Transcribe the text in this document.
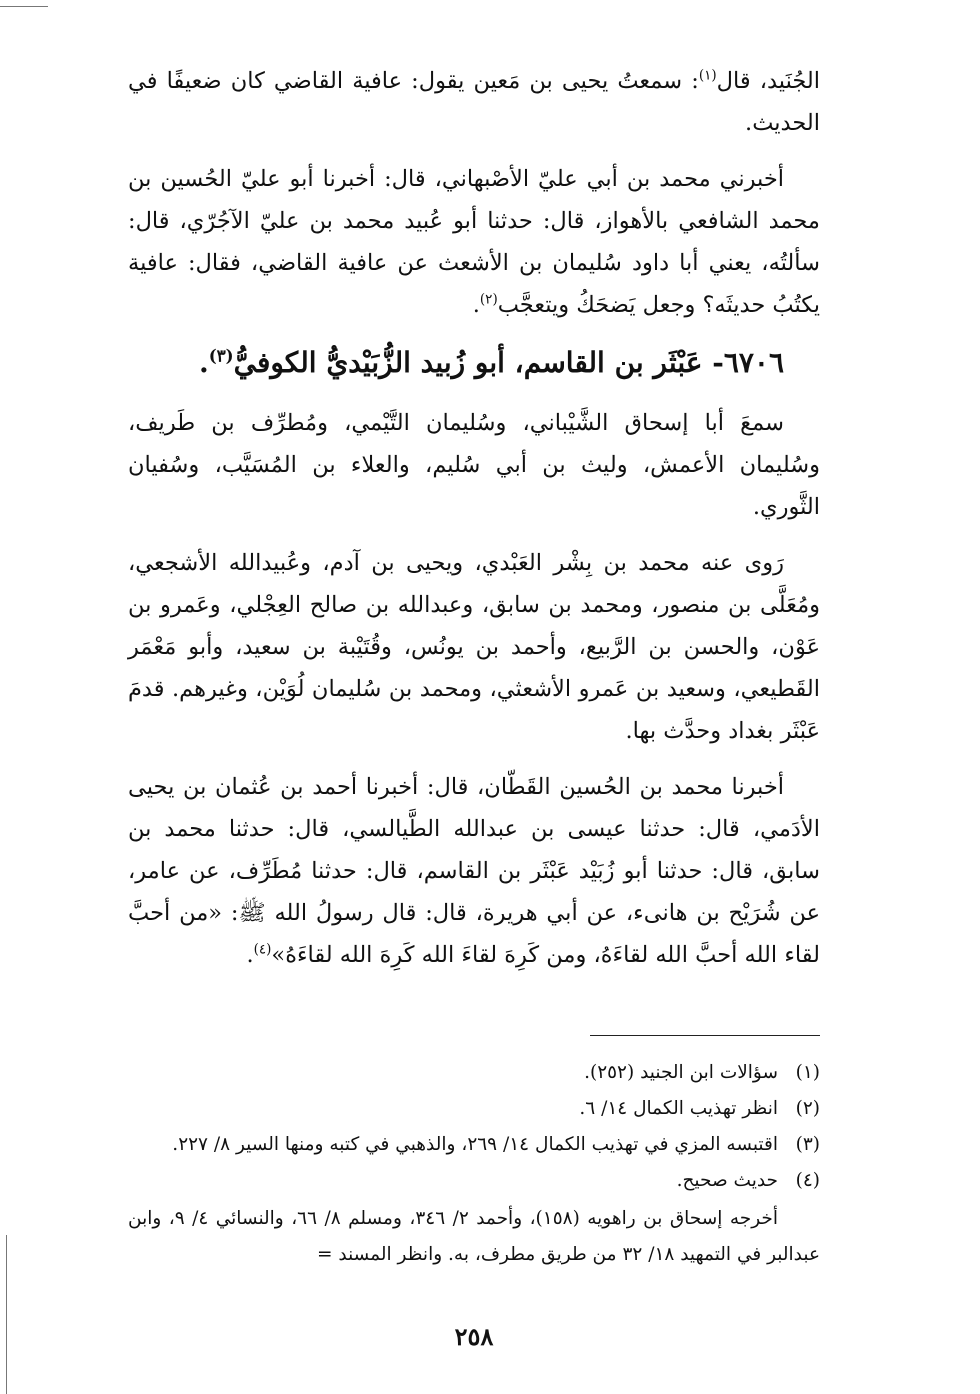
الجُنَيد، قال$^{(١)}$: سمعتُ يحيى بن مَعين يقول: عافية القاضي كان ضعيفًا في الحديث.

أخبرني محمد بن أبي عليّ الأصْبهاني، قال: أخبرنا أبو عليّ الحُسين بن محمد الشافعي بالأهواز، قال: حدثنا أبو عُبيد محمد بن عليّ الآجُرّي، قال: سألتُه، يعني أبا داود سُليمان بن الأشعث عن عافية القاضي، فقال: عافية يكتُبُ حديثَه؟ وجعل يَضحَكُ ويتعجَّب$^{(٢)}$.

٦٧٠٦- عَبْثَر بن القاسم، أبو زُبيد الزُّبَيْديُّ الكوفيُّ$^{(٣)}$.

سمعَ أبا إسحاق الشَّيْباني، وسُليمان التَّيْمي، ومُطرِّف بن طَريف، وسُليمان الأعمش، وليث بن أبي سُليم، والعلاء بن المُسَيَّب، وسُفيان الثَّوري.

رَوى عنه محمد بن بِشْر العَبْدي، ويحيى بن آدم، وعُبيدالله الأشجعي، ومُعَلَّى بن منصور، ومحمد بن سابق، وعبدالله بن صالح العِجْلي، وعَمرو بن عَوْن، والحسن بن الرَّبيع، وأحمد بن يونُس، وقُتَيْبة بن سعيد، وأبو مَعْمَر القَطيعي، وسعيد بن عَمرو الأشعثي، ومحمد بن سُليمان لُوَيْن، وغيرهم. قدمَ عَبْثَر بغداد وحدَّث بها.

أخبرنا محمد بن الحُسين القَطّان، قال: أخبرنا أحمد بن عُثمان بن يحيى الأدَمي، قال: حدثنا عيسى بن عبدالله الطَّيالسي، قال: حدثنا محمد بن سابق، قال: حدثنا أبو زُبَيْد عَبْثَر بن القاسم، قال: حدثنا مُطَرِّف، عن عامر، عن شُرَيْح بن هانىء، عن أبي هريرة، قال: قال رسولُ الله ﷺ: «من أحبَّ لقاء الله أحبَّ الله لقاءَهُ، ومن كَرِهَ لقاءَ الله كَرِهَ الله لقاءَهُ»$^{(٤)}$.

(١)
سؤالات ابن الجنيد (٢٥٢).
(٢)
انظر تهذيب الكمال ١٤/ ٦.
(٣)
اقتبسه المزي في تهذيب الكمال ١٤/ ٢٦٩، والذهبي في كتبه ومنها السير ٨/ ٢٢٧.
(٤)
حديث صحيح.
أخرجه إسحاق بن راهويه (١٥٨)، وأحمد ٢/ ٣٤٦، ومسلم ٨/ ٦٦، والنسائي ٤/ ٩، وابن عبدالبر في التمهيد ١٨/ ٣٢ من طريق مطرف، به. وانظر المسند =
٢٥٨
